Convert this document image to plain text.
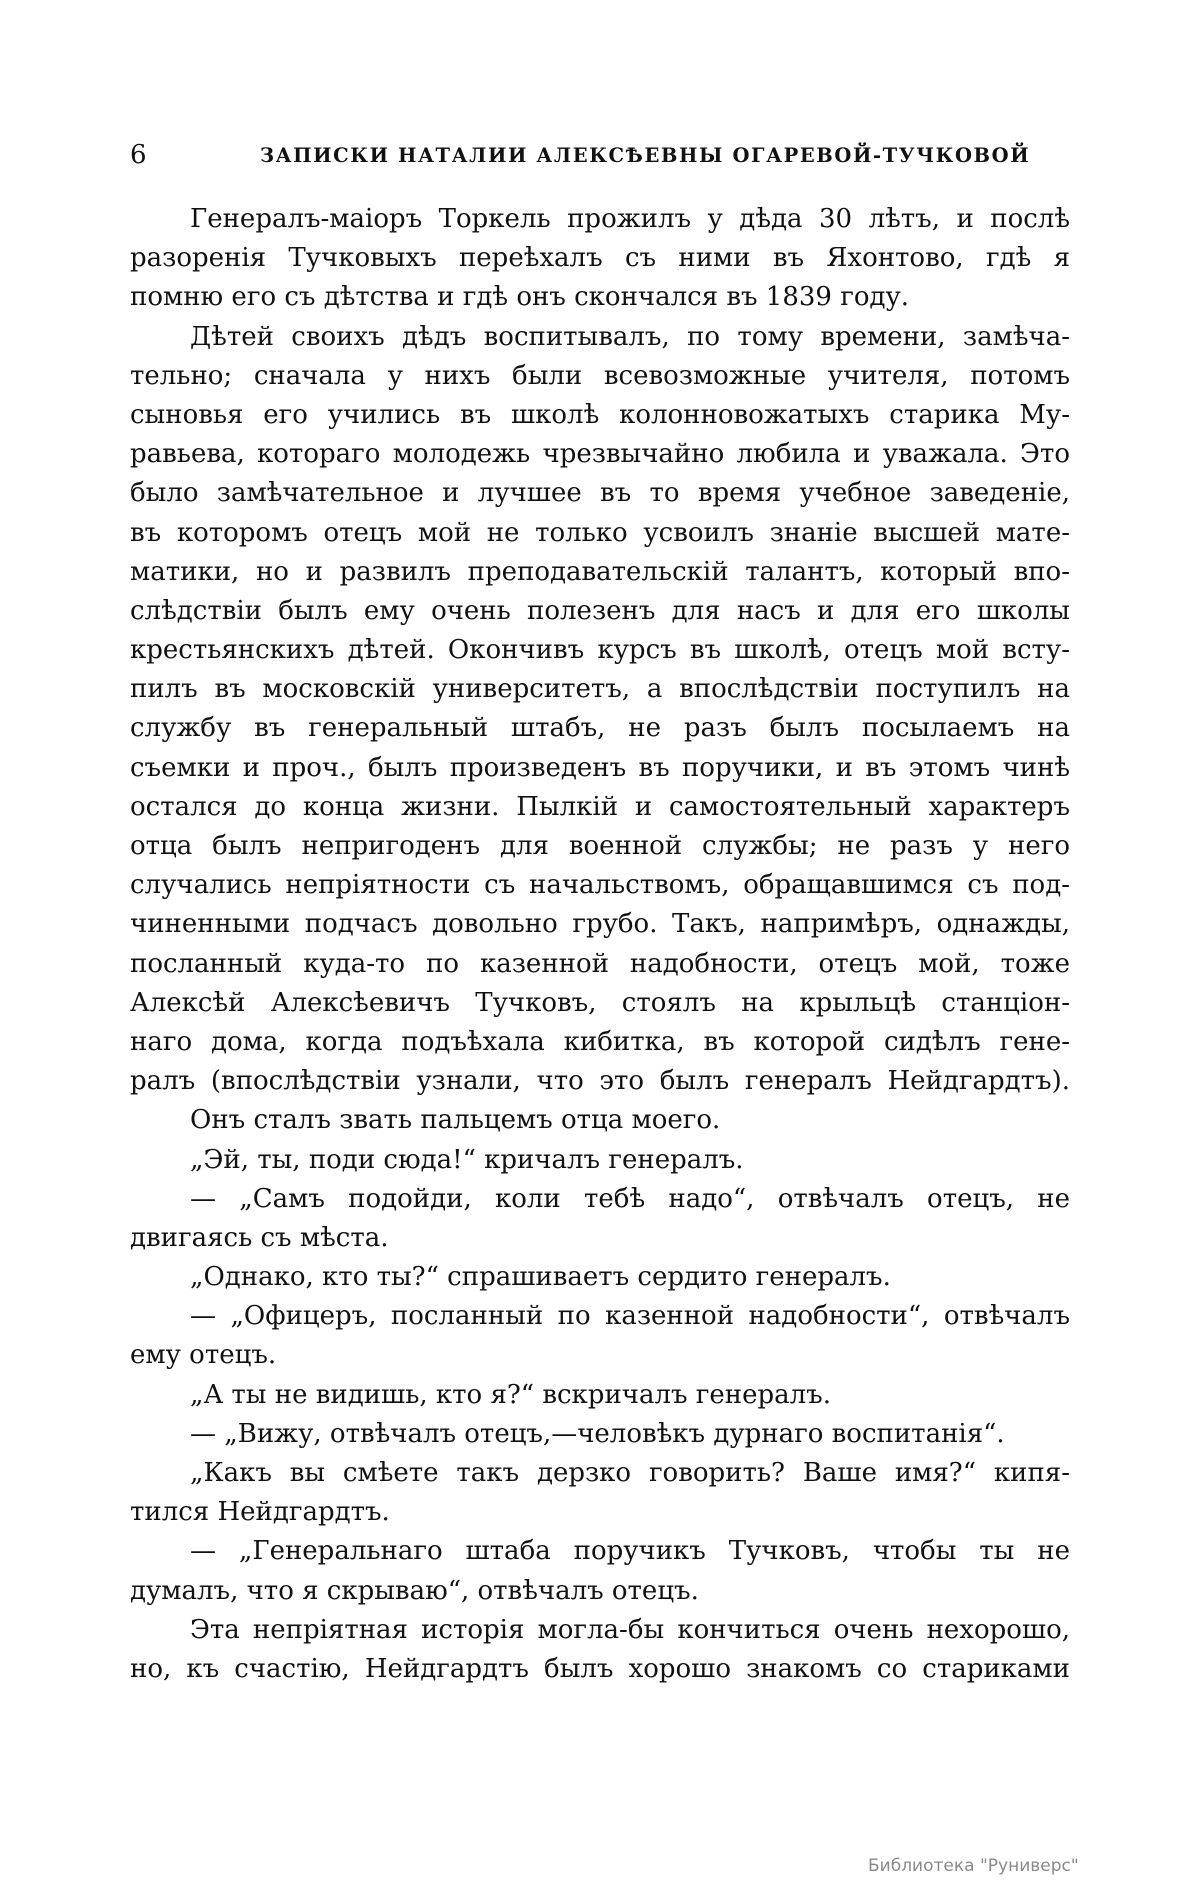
6	ЗАПИСКИ НАТАЛИИ АЛЕКСѢЕВНЫ ОГАРЕВОЙ-ТУЧКОВОЙ
Генералъ-маіоръ Торкель прожилъ у дѣда 30 лѣтъ, и послѣ
разоренія Тучковыхъ переѣхалъ съ ними въ Яхонтово, гдѣ я
помню его съ дѣтства и гдѣ онъ скончался въ 1839 году.
Дѣтей своихъ дѣдъ воспитывалъ, по тому времени, замѣча-
тельно; сначала у нихъ были всевозможные учителя, потомъ
сыновья его учились въ школѣ колонновожатыхъ старика Му-
равьева, котораго молодежь чрезвычайно любила и уважала. Это
было замѣчательное и лучшее въ то время учебное заведеніе,
въ которомъ отецъ мой не только усвоилъ знаніе высшей мате-
матики, но и развилъ преподавательскій талантъ, который впо-
слѣдствіи былъ ему очень полезенъ для насъ и для его школы
крестьянскихъ дѣтей. Окончивъ курсъ въ школѣ, отецъ мой всту-
пилъ въ московскій университетъ, а впослѣдствіи поступилъ на
службу въ генеральный штабъ, не разъ былъ посылаемъ на
съемки и проч., былъ произведенъ въ поручики, и въ этомъ чинѣ
остался до конца жизни. Пылкій и самостоятельный характеръ
отца былъ непригоденъ для военной службы; не разъ у него
случались непріятности съ начальствомъ, обращавшимся съ под-
чиненными подчасъ довольно грубо. Такъ, напримѣръ, однажды,
посланный куда-то по казенной надобности, отецъ мой, тоже
Алексѣй Алексѣевичъ Тучковъ, стоялъ на крыльцѣ станціон-
наго дома, когда подъѣхала кибитка, въ которой сидѣлъ гене-
ралъ (впослѣдствіи узнали, что это былъ генералъ Нейдгардтъ).
Онъ сталъ звать пальцемъ отца моего.
„Эй, ты, поди сюда!“ кричалъ генералъ.
— „Самъ подойди, коли тебѣ надо“, отвѣчалъ отецъ, не
двигаясь съ мѣста.
„Однако, кто ты?“ спрашиваетъ сердито генералъ.
— „Офицеръ, посланный по казенной надобности“, отвѣчалъ
ему отецъ.
„А ты не видишь, кто я?“ вскричалъ генералъ.
— „Вижу, отвѣчалъ отецъ,—человѣкъ дурнаго воспитанія“.
„Какъ вы смѣете такъ дерзко говорить? Ваше имя?“ кипя-
тился Нейдгардтъ.
— „Генеральнаго штаба поручикъ Тучковъ, чтобы ты не
думалъ, что я скрываю“, отвѣчалъ отецъ.
Эта непріятная исторія могла-бы кончиться очень нехорошо,
но, къ счастію, Нейдгардтъ былъ хорошо знакомъ со стариками
Библиотека "Руниверс"
